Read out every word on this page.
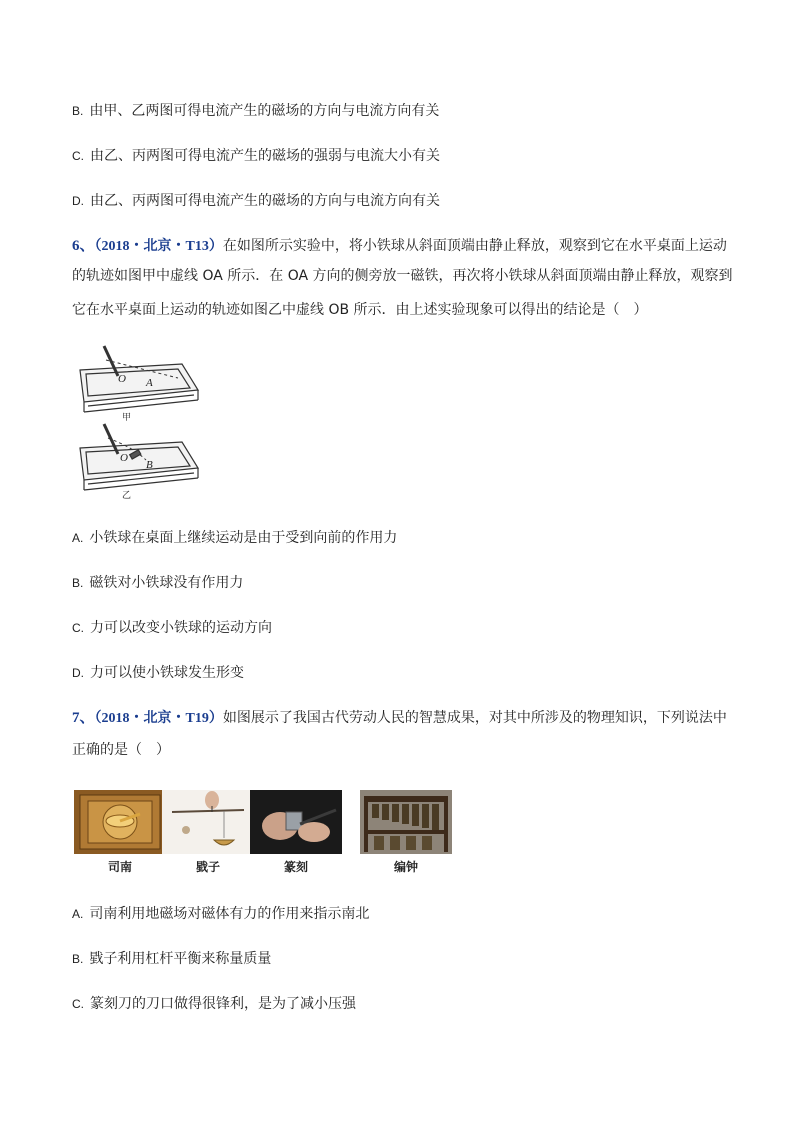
B. 由甲、乙两图可得电流产生的磁场的方向与电流方向有关
C. 由乙、丙两图可得电流产生的磁场的强弱与电流大小有关
D. 由乙、丙两图可得电流产生的磁场的方向与电流方向有关
6、（2018・北京・T13）在如图所示实验中，将小铁球从斜面顶端由静止释放，观察到它在水平桌面上运动
的轨迹如图甲中虚线 OA 所示．在 OA 方向的侧旁放一磁铁，再次将小铁球从斜面顶端由静止释放，观察到
它在水平桌面上运动的轨迹如图乙中虚线 OB 所示．由上述实验现象可以得出的结论是（　）
O A
甲
O
B
乙
A. 小铁球在桌面上继续运动是由于受到向前的作用力
B. 磁铁对小铁球没有作用力
C. 力可以改变小铁球的运动方向
D. 力可以使小铁球发生形变
7、（2018・北京・T19）如图展示了我国古代劳动人民的智慧成果，对其中所涉及的物理知识，下列说法中
正确的是（　）
司南	戥子	篆刻	编钟
A. 司南利用地磁场对磁体有力的作用来指示南北
B. 戥子利用杠杆平衡来称量质量
C. 篆刻刀的刀口做得很锋利，是为了减小压强
